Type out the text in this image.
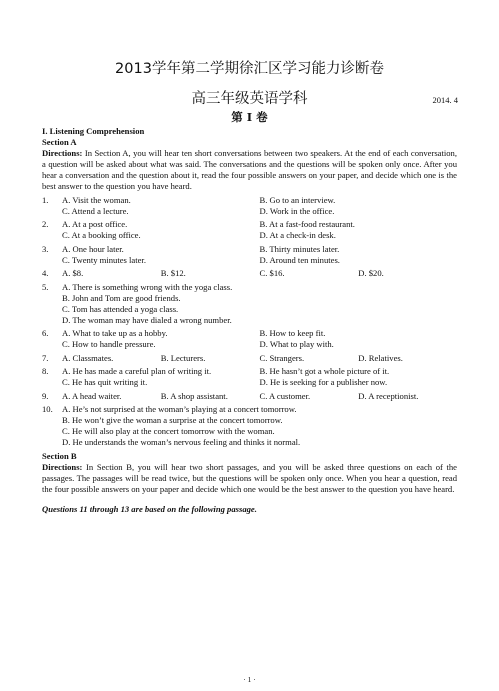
2013学年第二学期徐汇区学习能力诊断卷
高三年级英语学科	2014. 4
第 I 卷
I. Listening Comprehension
Section A

Directions: In Section A, you will hear ten short conversations between two speakers. At the end of each conversation, a question will be asked about what was said. The conversations and the questions will be spoken only once. After you hear a conversation and the question about it, read the four possible answers on your paper, and decide which one is the best answer to the question you have heard.

1.	A. Visit the woman.	B. Go to an interview.
C. Attend a lecture.	D. Work in the office.
2.	A. At a post office.	B. At a fast-food restaurant.
C. At a booking office.	D. At a check-in desk.
3.	A. One hour later.	B. Thirty minutes later.
C. Twenty minutes later.	D. Around ten minutes.
4.	A. $8.	B. $12.	C. $16.	D. $20.
5.	A. There is something wrong with the yoga class.
B. John and Tom are good friends.
C. Tom has attended a yoga class.
D. The woman may have dialed a wrong number.
6.	A. What to take up as a hobby.	B. How to keep fit.
C. How to handle pressure.	D. What to play with.
7.	A. Classmates.	B. Lecturers.	C. Strangers.	D. Relatives.
8.	A. He has made a careful plan of writing it.	B. He hasn’t got a whole picture of it.
C. He has quit writing it.	D. He is seeking for a publisher now.
9.	A. A head waiter.	B. A shop assistant.	C. A customer.	D. A receptionist.
10.	A. He’s not surprised at the woman’s playing at a concert tomorrow.
B. He won’t give the woman a surprise at the concert tomorrow.
C. He will also play at the concert tomorrow with the woman.
D. He understands the woman’s nervous feeling and thinks it normal.
Section B

Directions: In Section B, you will hear two short passages, and you will be asked three questions on each of the passages. The passages will be read twice, but the questions will be spoken only once. When you hear a question, read the four possible answers on your paper and decide which one would be the best answer to the question you have heard.

Questions 11 through 13 are based on the following passage.
· 1 ·
